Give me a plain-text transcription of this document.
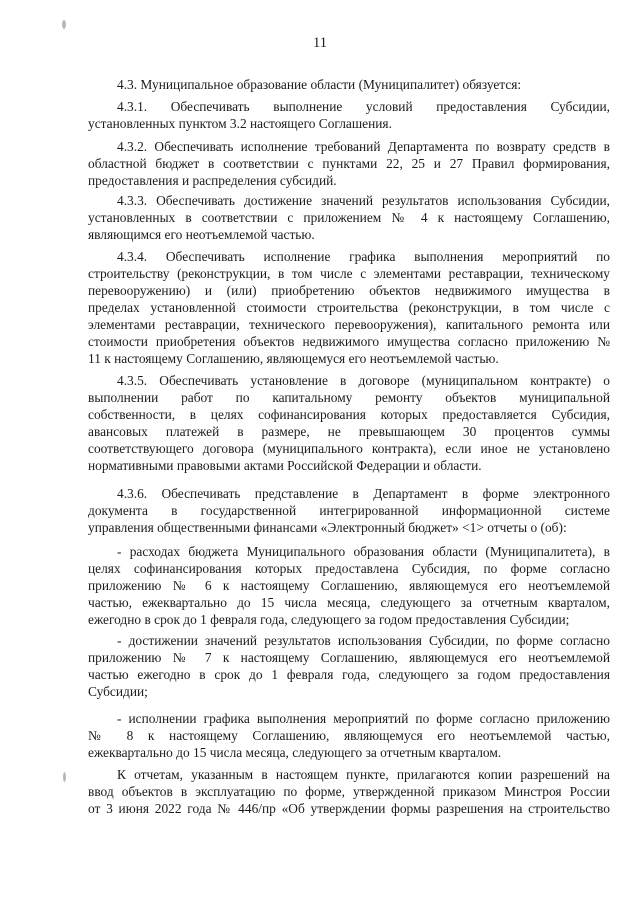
11

4.3. Муниципальное образование области (Муниципалитет) обязуется:

4.3.1. Обеспечивать выполнение условий предоставления Субсидии,
установленных пунктом 3.2 настоящего Соглашения.

4.3.2. Обеспечивать исполнение требований Департамента по возврату средств в
областной бюджет в соответствии с пунктами 22, 25 и 27 Правил формирования,
предоставления и распределения субсидий.

4.3.3. Обеспечивать достижение значений результатов использования Субсидии,
установленных в соответствии с приложением № 4 к настоящему Соглашению,
являющимся его неотъемлемой частью.

4.3.4. Обеспечивать исполнение графика выполнения мероприятий по
строительству (реконструкции, в том числе с элементами реставрации, техническому
перевооружению) и (или) приобретению объектов недвижимого имущества в
пределах установленной стоимости строительства (реконструкции, в том числе с
элементами реставрации, технического перевооружения), капитального ремонта или
стоимости приобретения объектов недвижимого имущества согласно приложению №
11 к настоящему Соглашению, являющемуся его неотъемлемой частью.

4.3.5. Обеспечивать установление в договоре (муниципальном контракте) о
выполнении работ по капитальному ремонту объектов муниципальной
собственности, в целях софинансирования которых предоставляется Субсидия,
авансовых платежей в размере, не превышающем 30 процентов суммы
соответствующего договора (муниципального контракта), если иное не установлено
нормативными правовыми актами Российской Федерации и области.

4.3.6. Обеспечивать представление в Департамент в форме электронного
документа в государственной интегрированной информационной системе
управления общественными финансами «Электронный бюджет» <1> отчеты о (об):

- расходах бюджета Муниципального образования области (Муниципалитета), в
целях софинансирования которых предоставлена Субсидия, по форме согласно
приложению № 6 к настоящему Соглашению, являющемуся его неотъемлемой
частью, ежеквартально до 15 числа месяца, следующего за отчетным кварталом,
ежегодно в срок до 1 февраля года, следующего за годом предоставления Субсидии;

- достижении значений результатов использования Субсидии, по форме согласно
приложению № 7 к настоящему Соглашению, являющемуся его неотъемлемой
частью ежегодно в срок до 1 февраля года, следующего за годом предоставления
Субсидии;

- исполнении графика выполнения мероприятий по форме согласно приложению
№ 8 к настоящему Соглашению, являющемуся его неотъемлемой частью,
ежеквартально до 15 числа месяца, следующего за отчетным кварталом.

К отчетам, указанным в настоящем пункте, прилагаются копии разрешений на
ввод объектов в эксплуатацию по форме, утвержденной приказом Минстроя России
от 3 июня 2022 года № 446/пр «Об утверждении формы разрешения на строительство
